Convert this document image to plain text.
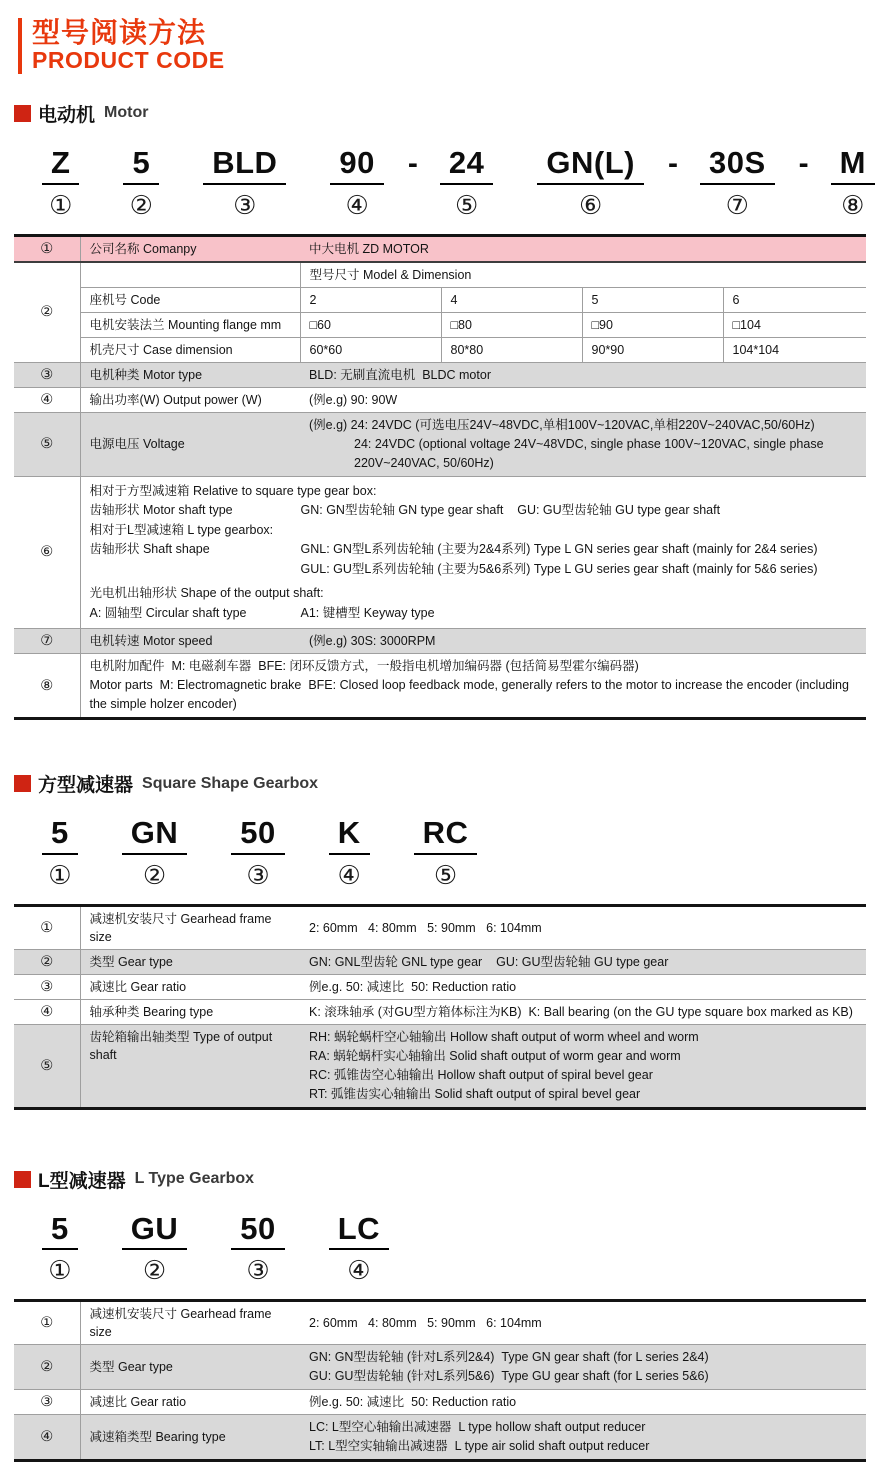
型号阅读方法
PRODUCT CODE
电动机 Motor
Z
①
5
②
BLD
③
90
④
- 24
⑤
GN(L)
⑥
- 30S
⑦
- M
⑧
①	公司名称 Comanpy	中大电机 ZD MOTOR			
②		型号尺寸 Model & Dimension			
	座机号 Code	2	4	5	6
	电机安装法兰 Mounting flange mm	□60	□80	□90	□104
	机壳尺寸 Case dimension	60*60	80*80	90*90	104*104
③	电机种类 Motor type	BLD: 无刷直流电机  BLDC motor			
④	输出功率(W) Output power (W)	(例e.g) 90: 90W			
⑤	电源电压 Voltage	(例e.g) 24: 24VDC (可选电压24V~48VDC,单相100V~120VAC,单相220V~240VAC,50/60Hz)
24: 24VDC (optional voltage 24V~48VDC, single phase 100V~120VAC, single phase 220V~240VAC, 50/60Hz)			

⑥	
相对于方型减速箱 Relative to square type gear box:
齿轴形状 Motor shaft type	GN: GN型齿轮轴 GN type gear shaft    GU: GU型齿轮轴 GU type gear shaft
相对于L型减速箱 L type gearbox:
齿轴形状 Shaft shape	GNL: GN型L系列齿轮轴 (主要为2&4系列) Type L GN series gear shaft (mainly for 2&4 series)
GUL: GU型L系列齿轮轴 (主要为5&6系列) Type L GU series gear shaft (mainly for 5&6 series)
光电机出轴形状 Shape of the output shaft:
A: 圆轴型 Circular shaft type	A1: 键槽型 Keyway type

⑦	电机转速 Motor speed	(例e.g) 30S: 3000RPM			
⑧	电机附加配件  M: 电磁刹车器  BFE: 闭环反馈方式，一般指电机增加编码器 (包括简易型霍尔编码器)
Motor parts  M: Electromagnetic brake  BFE: Closed loop feedback mode, generally refers to the motor to increase the encoder (including the simple holzer encoder)				
方型减速器 Square Shape Gearbox
5
①
GN
②
50
③
K
④
RC
⑤
①	减速机安装尺寸 Gearhead frame size	2: 60mm   4: 80mm   5: 90mm   6: 104mm
②	类型 Gear type	GN: GNL型齿轮 GNL type gear    GU: GU型齿轮轴 GU type gear
③	减速比 Gear ratio	例e.g. 50: 减速比  50: Reduction ratio
④	轴承种类 Bearing type	K: 滚珠轴承 (对GU型方箱体标注为KB)  K: Ball bearing (on the GU type square box marked as KB)
⑤	齿轮箱输出轴类型 Type of output shaft	RH: 蜗轮蜗杆空心轴输出 Hollow shaft output of worm wheel and worm
RA: 蜗轮蜗杆实心轴输出 Solid shaft output of worm gear and worm
RC: 弧锥齿空心轴输出 Hollow shaft output of spiral bevel gear
RT: 弧锥齿实心轴输出 Solid shaft output of spiral bevel gear
L型减速器 L Type Gearbox
5
①
GU
②
50
③
LC
④
①	减速机安装尺寸 Gearhead frame size	2: 60mm   4: 80mm   5: 90mm   6: 104mm
②	类型 Gear type	GN: GN型齿轮轴 (针对L系列2&4)  Type GN gear shaft (for L series 2&4)
GU: GU型齿轮轴 (针对L系列5&6)  Type GU gear shaft (for L series 5&6)

③	减速比 Gear ratio	例e.g. 50: 减速比  50: Reduction ratio
④	减速箱类型 Bearing type	LC: L型空心轴输出减速器  L type hollow shaft output reducer
LT: L型空实轴输出减速器  L type air solid shaft output reducer
